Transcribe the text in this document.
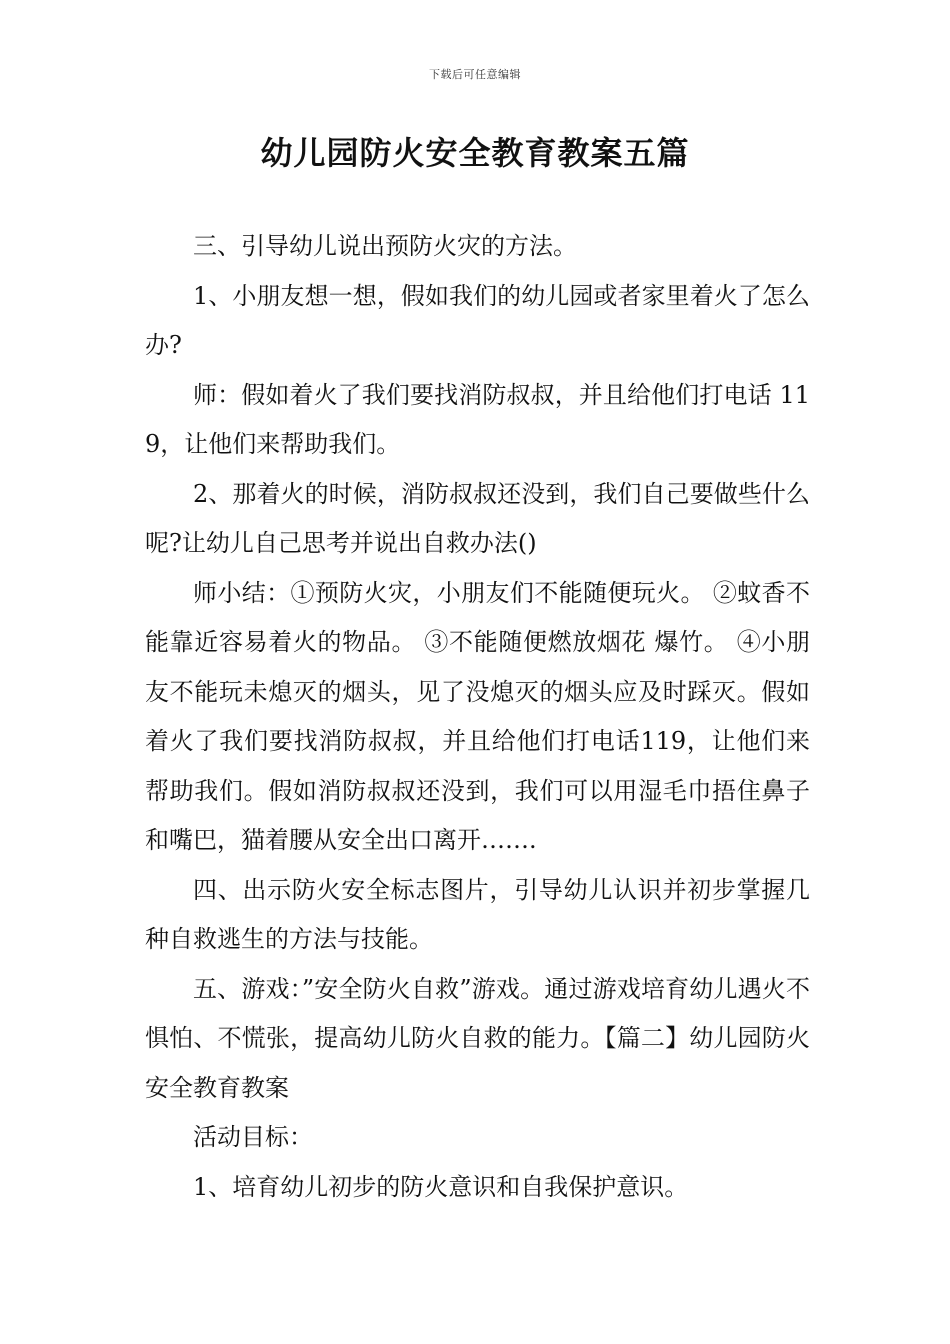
下载后可任意编辑
幼儿园防火安全教育教案五篇

三、引导幼儿说出预防火灾的方法。

1、小朋友想一想，假如我们的幼儿园或者家里着火了怎么办?

师：假如着火了我们要找消防叔叔，并且给他们打电话 119，让他们来帮助我们。

2、那着火的时候，消防叔叔还没到，我们自己要做些什么呢?让幼儿自己思考并说出自救办法()

师小结：①预防火灾，小朋友们不能随便玩火。 ②蚊香不能靠近容易着火的物品。 ③不能随便燃放烟花 爆竹。 ④小朋友不能玩未熄灭的烟头，见了没熄灭的烟头应及时踩灭。假如着火了我们要找消防叔叔，并且给他们打电话119，让他们来帮助我们。假如消防叔叔还没到，我们可以用湿毛巾捂住鼻子和嘴巴，猫着腰从安全出口离开…….

四、出示防火安全标志图片，引导幼儿认识并初步掌握几种自救逃生的方法与技能。

五、游戏：”安全防火自救”游戏。通过游戏培育幼儿遇火不惧怕、不慌张，提高幼儿防火自救的能力。【篇二】幼儿园防火安全教育教案

活动目标：

1、培育幼儿初步的防火意识和自我保护意识。
